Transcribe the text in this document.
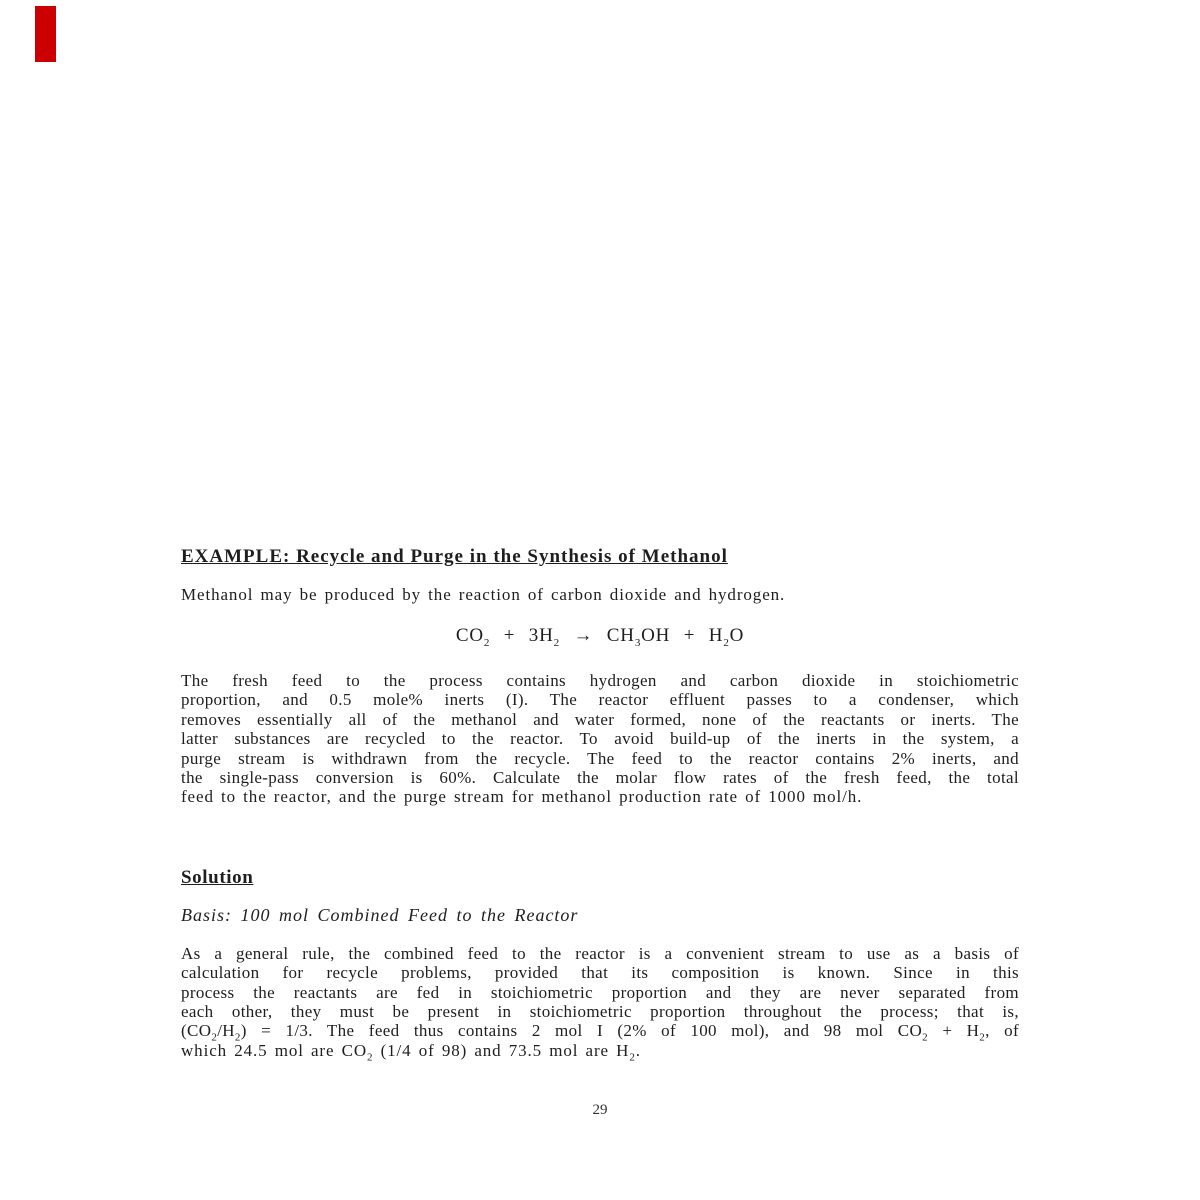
EXAMPLE: Recycle and Purge in the Synthesis of Methanol

Methanol may be produced by the reaction of carbon dioxide and hydrogen.

$CO_2 + 3H_2 \to CH_3OH + H_2O$
The fresh feed to the process contains hydrogen and carbon dioxide in stoichiometric
proportion, and 0.5 mole% inerts (I). The reactor effluent passes to a condenser, which
removes essentially all of the methanol and water formed, none of the reactants or inerts. The
latter substances are recycled to the reactor. To avoid build-up of the inerts in the system, a
purge stream is withdrawn from the recycle. The feed to the reactor contains 2% inerts, and
the single-pass conversion is 60%. Calculate the molar flow rates of the fresh feed, the total
feed to the reactor, and the purge stream for methanol production rate of 1000 mol/h.
Solution

Basis: 100 mol Combined Feed to the Reactor

As a general rule, the combined feed to the reactor is a convenient stream to use as a basis of
calculation for recycle problems, provided that its composition is known. Since in this
process the reactants are fed in stoichiometric proportion and they are never separated from
each other, they must be present in stoichiometric proportion throughout the process; that is,
$(CO_2/H_2) = 1/3$. The feed thus contains 2 mol I (2% of 100 mol), and 98 mol $CO_2 + H_2$, of
which 24.5 mol are $CO_2$ (1/4 of 98) and 73.5 mol are $H_2$.
29
